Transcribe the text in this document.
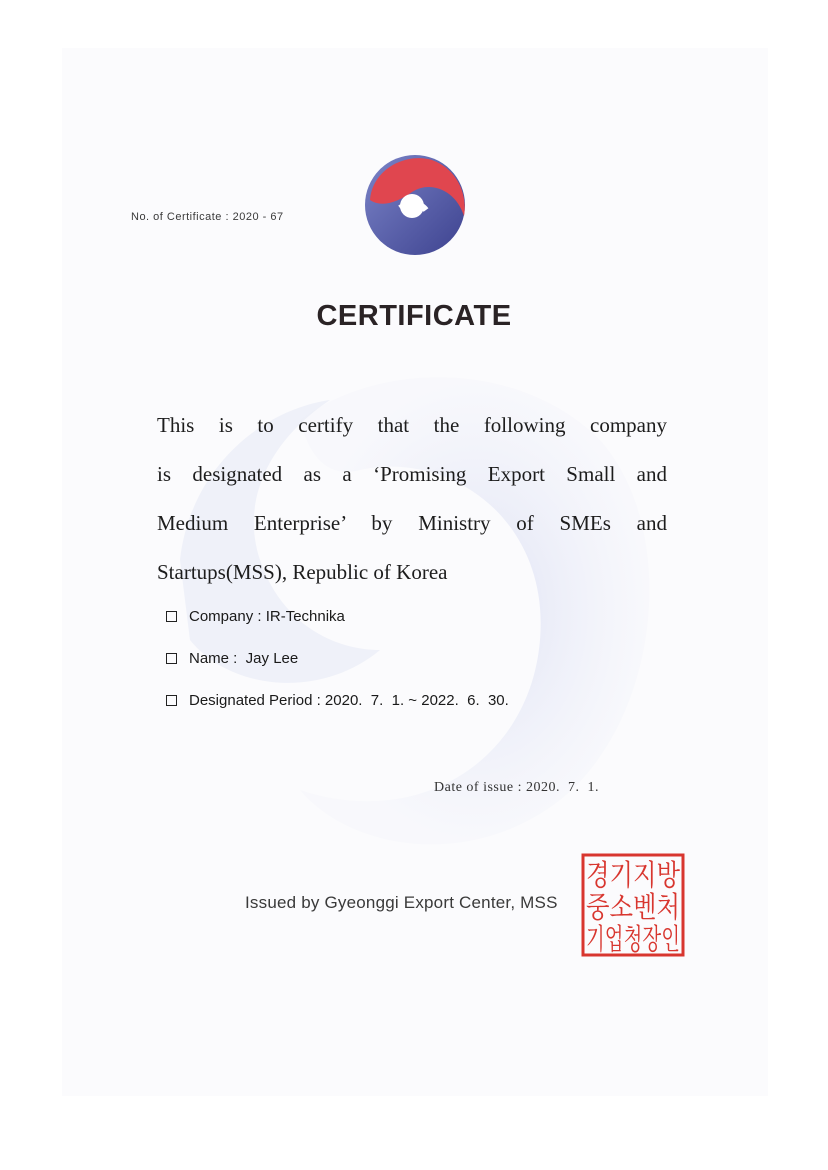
No. of Certificate : 2020 - 67
CERTIFICATE
This is to certify that the following company
is designated as a ‘Promising Export Small and
Medium Enterprise’ by Ministry of SMEs and
Startups(MSS), Republic of Korea
Company : IR-Technika
Name :  Jay Lee
Designated Period : 2020.  7.  1. ~ 2022.  6.  30.
Date of issue : 2020.  7.  1.
Issued by Gyeonggi Export Center, MSS
경기지방
중소벤처
기업청장인
